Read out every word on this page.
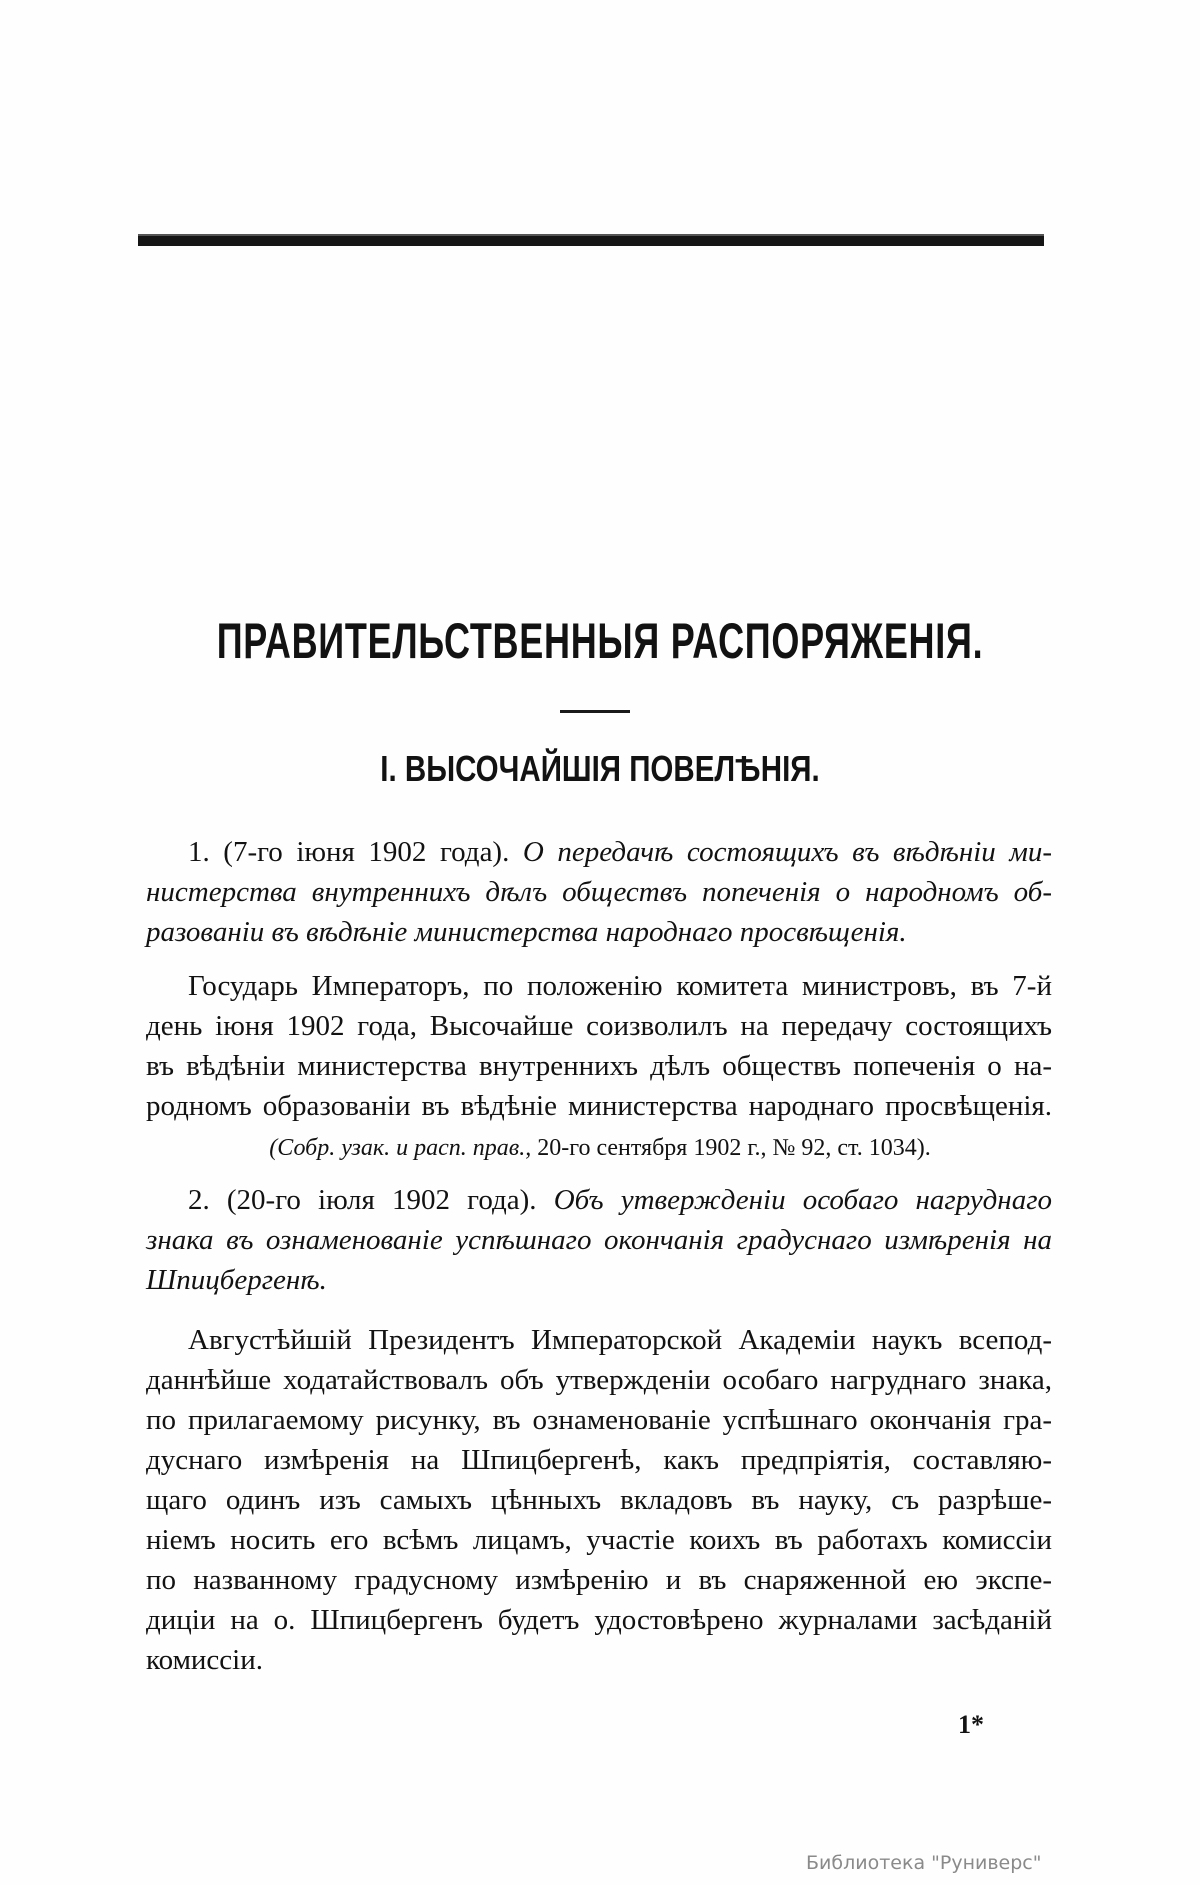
ПРАВИТЕЛЬСТВЕННЫЯ РАСПОРЯЖЕНІЯ.
I. ВЫСОЧАЙШІЯ ПОВЕЛѢНІЯ.
1. (7-го іюня 1902 года). О передачѣ состоящихъ въ вѣдѣніи ми-
нистерства внутреннихъ дѣлъ обществъ попеченія о народномъ об-
разованіи въ вѣдѣніе министерства народнаго просвѣщенія.
Государь Императоръ, по положенію комитета министровъ, въ 7-й
день іюня 1902 года, Высочайше соизволилъ на передачу состоящихъ
въ вѣдѣніи министерства внутреннихъ дѣлъ обществъ попеченія о на-
родномъ образованіи въ вѣдѣніе министерства народнаго просвѣщенія.
(Собр. узак. и расп. прав., 20-го сентября 1902 г., № 92, ст. 1034).
2. (20-го іюля 1902 года). Объ утвержденіи особаго нагруднаго
знака въ ознаменованіе успѣшнаго окончанія градуснаго измѣренія на
Шпицбергенѣ.
Августѣйшій Президентъ Императорской Академіи наукъ всепод-
даннѣйше ходатайствовалъ объ утвержденіи особаго нагруднаго знака,
по прилагаемому рисунку, въ ознаменованіе успѣшнаго окончанія гра-
дуснаго измѣренія на Шпицбергенѣ, какъ предпріятія, составляю-
щаго одинъ изъ самыхъ цѣнныхъ вкладовъ въ науку, съ разрѣше-
ніемъ носить его всѣмъ лицамъ, участіе коихъ въ работахъ комиссіи
по названному градусному измѣренію и въ снаряженной ею экспе-
диціи на о. Шпицбергенъ будетъ удостовѣрено журналами засѣданій
комиссіи.
1*
Библиотека "Руниверс"
